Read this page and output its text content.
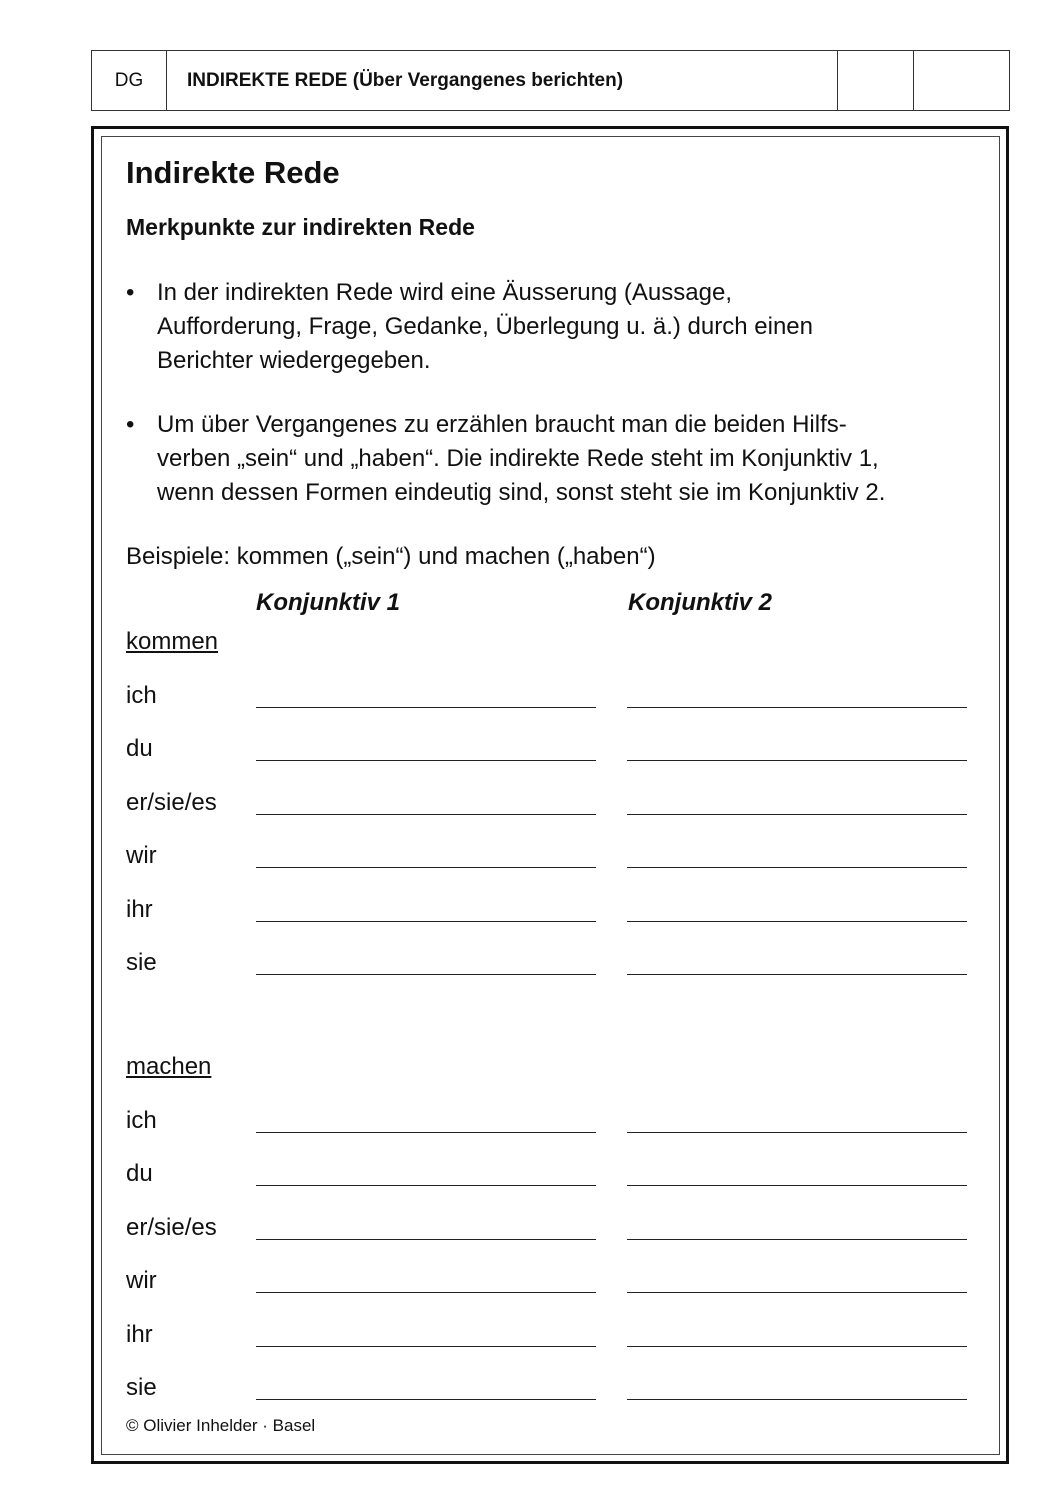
DG	INDIREKTE REDE (Über Vergangenes berichten)
Indirekte Rede
Merkpunkte zur indirekten Rede
• In der indirekten Rede wird eine Äusserung (Aussage,
Aufforderung, Frage, Gedanke, Überlegung u. ä.) durch einen
Berichter wiedergegeben.
• Um über Vergangenes zu erzählen braucht man die beiden Hilfs-
verben „sein“ und „haben“. Die indirekte Rede steht im Konjunktiv 1,
wenn dessen Formen eindeutig sind, sonst steht sie im Konjunktiv 2.
Beispiele: kommen („sein“) und machen („haben“)
Konjunktiv 1	Konjunktiv 2
kommen
ich
du
er/sie/es
wir
ihr
sie
machen
ich
du
er/sie/es
wir
ihr
sie
© Olivier Inhelder · Basel
